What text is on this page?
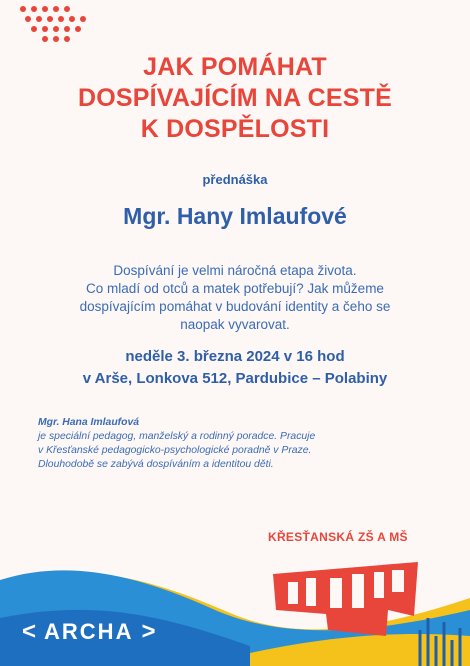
JAK POMÁHAT
DOSPÍVAJÍCÍM NA CESTĚ
K DOSPĚLOSTI
přednáška
Mgr. Hany Imlaufové
Dospívání je velmi náročná etapa života.
Co mladí od otců a matek potřebují? Jak můžeme
dospívajícím pomáhat v budování identity a čeho se
naopak vyvarovat.
neděle 3. března 2024 v 16 hod
v Arše, Lonkova 512, Pardubice – Polabiny
Mgr. Hana Imlaufová
je speciální pedagog, manželský a rodinný poradce. Pracuje
v Křesťanské pedagogicko-psychologické poradně v Praze.
Dlouhodobě se zabývá dospíváním a identitou děti.
< ARCHA >
KŘESŤANSKÁ ZŠ A MŠ
